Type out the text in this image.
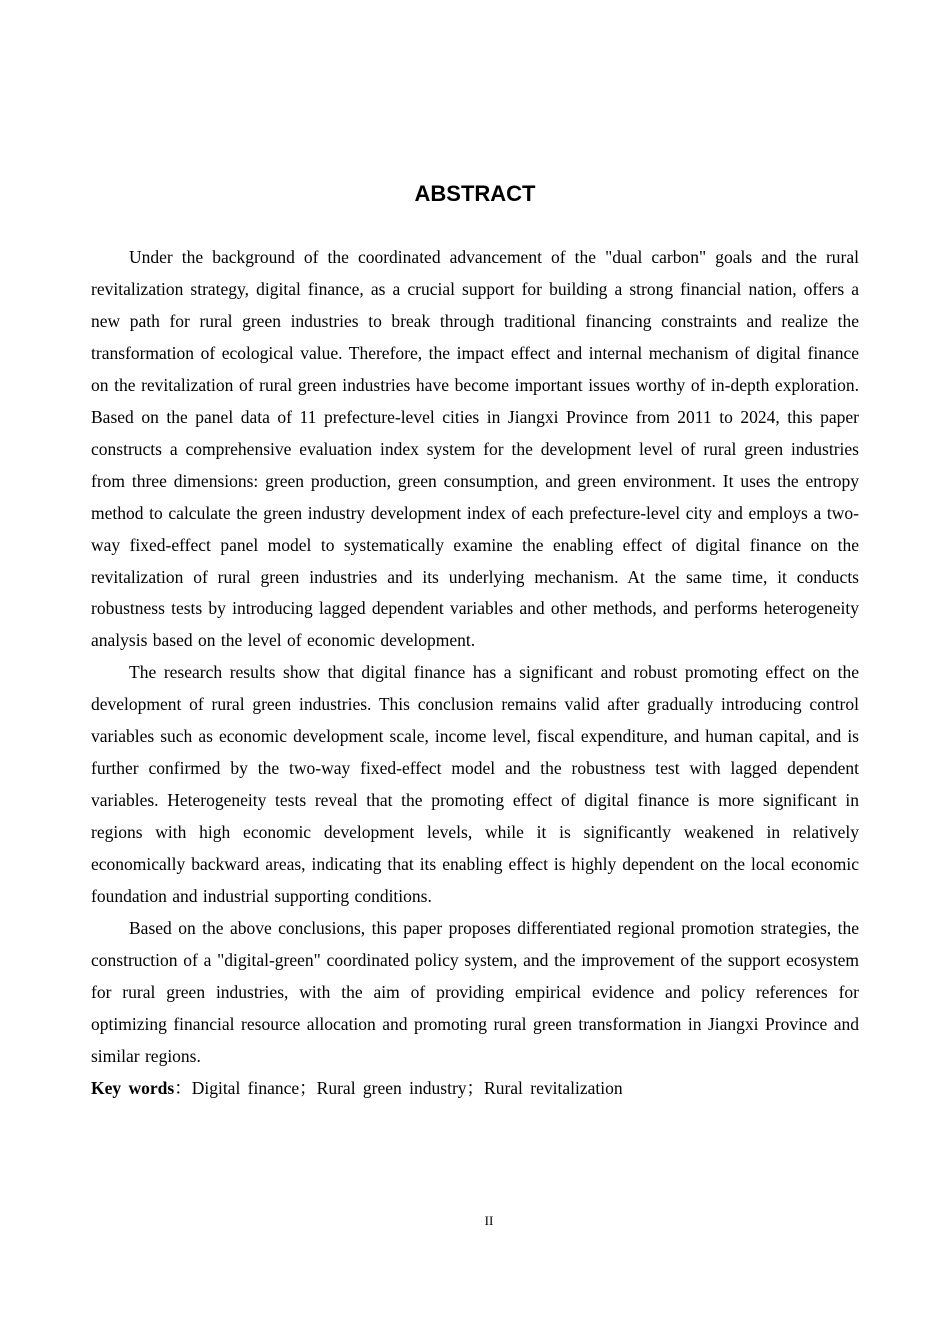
ABSTRACT

Under the background of the coordinated advancement of the "dual carbon" goals and the rural revitalization strategy, digital finance, as a crucial support for building a strong financial nation, offers a new path for rural green industries to break through traditional financing constraints and realize the transformation of ecological value. Therefore, the impact effect and internal mechanism of digital finance on the revitalization of rural green industries have become important issues worthy of in-depth exploration. Based on the panel data of 11 prefecture-level cities in Jiangxi Province from 2011 to 2024, this paper constructs a comprehensive evaluation index system for the development level of rural green industries from three dimensions: green production, green consumption, and green environment. It uses the entropy method to calculate the green industry development index of each prefecture-level city and employs a two-way fixed-effect panel model to systematically examine the enabling effect of digital finance on the revitalization of rural green industries and its underlying mechanism. At the same time, it conducts robustness tests by introducing lagged dependent variables and other methods, and performs heterogeneity analysis based on the level of economic development.

The research results show that digital finance has a significant and robust promoting effect on the development of rural green industries. This conclusion remains valid after gradually introducing control variables such as economic development scale, income level, fiscal expenditure, and human capital, and is further confirmed by the two-way fixed-effect model and the robustness test with lagged dependent variables. Heterogeneity tests reveal that the promoting effect of digital finance is more significant in regions with high economic development levels, while it is significantly weakened in relatively economically backward areas, indicating that its enabling effect is highly dependent on the local economic foundation and industrial supporting conditions.

Based on the above conclusions, this paper proposes differentiated regional promotion strategies, the construction of a "digital-green" coordinated policy system, and the improvement of the support ecosystem for rural green industries, with the aim of providing empirical evidence and policy references for optimizing financial resource allocation and promoting rural green transformation in Jiangxi Province and similar regions.

Key words：Digital finance；Rural green industry；Rural revitalization

II
